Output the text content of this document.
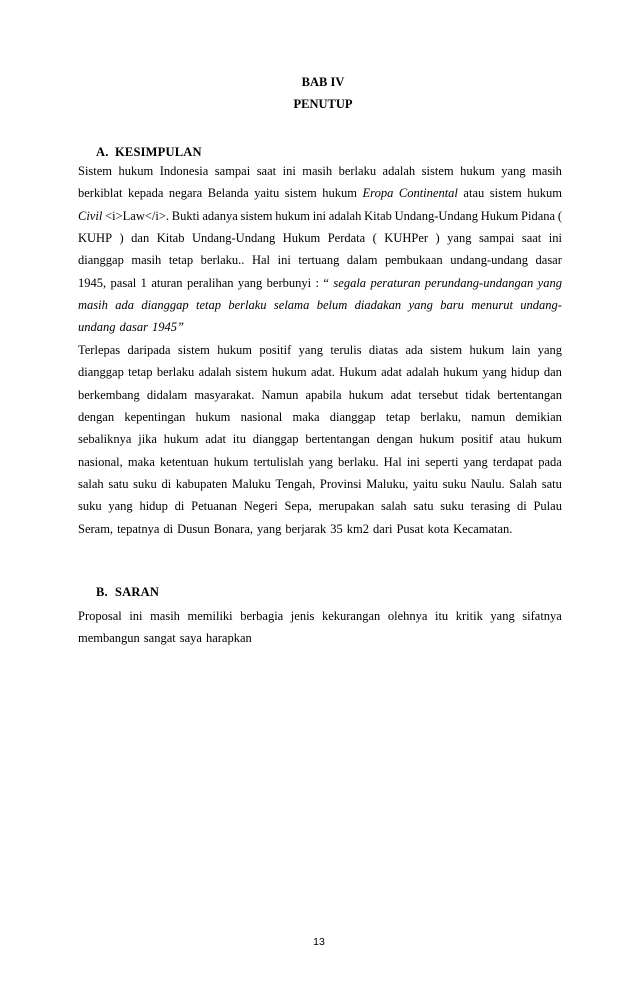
BAB IV
PENUTUP
A. KESIMPULAN
Sistem hukum Indonesia sampai saat ini masih berlaku adalah sistem hukum yang masih
berkiblat kepada negara Belanda yaitu sistem hukum Eropa Continental atau sistem hukum
Civil <i>Law</i>. Bukti adanya sistem hukum ini adalah Kitab Undang-Undang Hukum Pidana (
KUHP ) dan Kitab Undang-Undang Hukum Perdata ( KUHPer ) yang sampai saat ini
dianggap masih tetap berlaku.. Hal ini tertuang dalam pembukaan undang-undang dasar
1945, pasal 1 aturan peralihan yang berbunyi : “ segala peraturan perundang-undangan yang
masih ada dianggap tetap berlaku selama belum diadakan yang baru menurut undang-
undang dasar 1945”
Terlepas daripada sistem hukum positif yang terulis diatas ada sistem hukum lain yang
dianggap tetap berlaku adalah sistem hukum adat. Hukum adat adalah hukum yang hidup dan
berkembang didalam masyarakat. Namun apabila hukum adat tersebut tidak bertentangan
dengan kepentingan hukum nasional maka dianggap tetap berlaku, namun demikian
sebaliknya jika hukum adat itu dianggap bertentangan dengan hukum positif atau hukum
nasional, maka ketentuan hukum tertulislah yang berlaku. Hal ini seperti yang terdapat pada
salah satu suku di kabupaten Maluku Tengah, Provinsi Maluku, yaitu suku Naulu. Salah satu
suku yang hidup di Petuanan Negeri Sepa, merupakan salah satu suku terasing di Pulau
Seram, tepatnya di Dusun Bonara, yang berjarak 35 km2 dari Pusat kota Kecamatan.
B. SARAN
Proposal ini masih memiliki berbagia jenis kekurangan olehnya itu kritik yang sifatnya
membangun sangat saya harapkan
13
